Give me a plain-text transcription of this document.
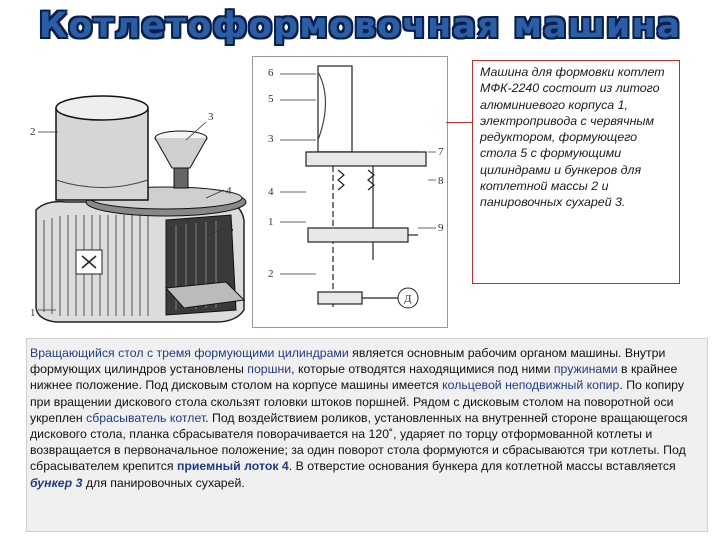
Котлетоформовочная машина
2
3
4
5
1
Д
6
5
3
4
1
2
7
8
9
Машина для формовки котлет МФК-2240 состоит из литого алюминиевого корпуса 1, электропривода с червячным редуктором, формующего стола 5 с формующими цилиндрами и бункеров для котлетной массы 2 и панировочных сухарей 3.
Вращающийся стол с тремя формующими цилиндрами является основным рабочим органом машины. Внутри формующих цилиндров установлены поршни, которые отводятся находящимися под ними пружинами в крайнее нижнее положение. Под дисковым столом на корпусе машины имеется кольцевой неподвижный копир. По копиру при вращении дискового стола скользят головки штоков поршней. Рядом с дисковым столом на поворотной оси укреплен сбрасыватель котлет. Под воздействием роликов, установленных на внутренней стороне вращающегося дискового стола, планка сбрасывателя поворачивается на 120˚, ударяет по торцу отформованной котлеты и возвращается в первоначальное положение; за один поворот стола формуются и сбрасываются три котлеты. Под сбрасывателем крепится приемный лоток 4. В отверстие основания бункера для котлетной массы вставляется бункер 3 для панировочных сухарей.
